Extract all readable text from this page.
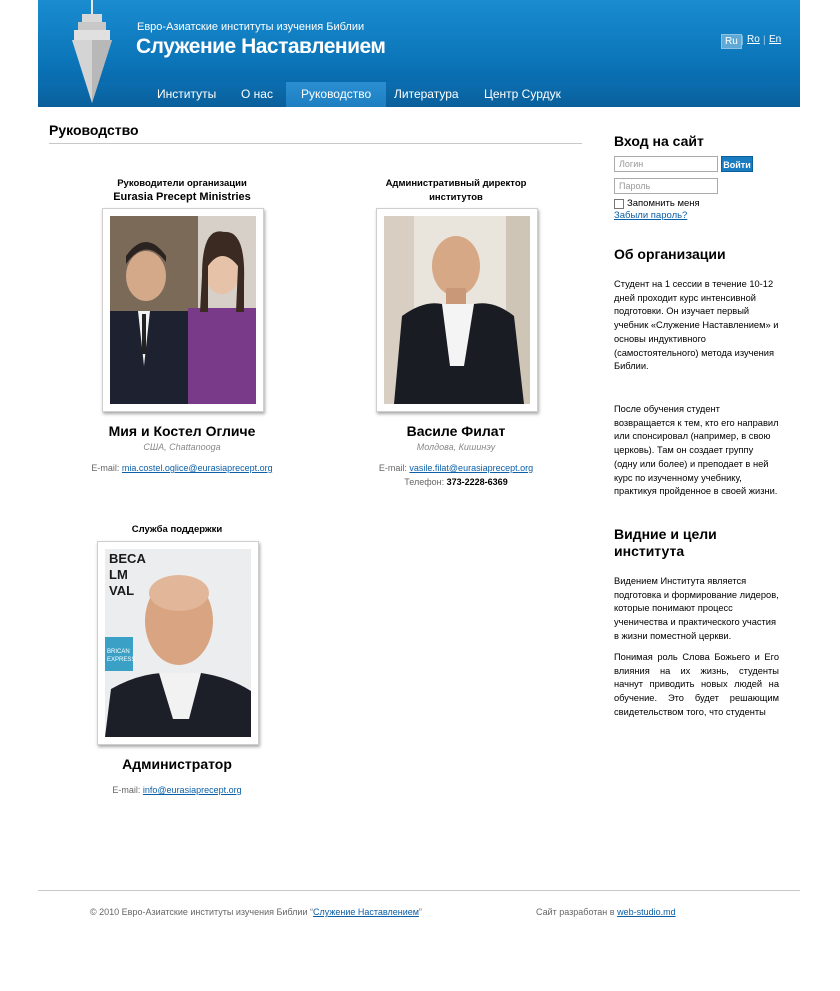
Евро-Азиатские институты изучения Библии
Служение Наставлением	Ru | Ro | En
Институты	О нас	Руководство	Литература	Центр Сурдук
Руководство
Руководители организации
Eurasia Precept Ministries
Мия и Костел Огличе
США, Chattanooga
E-mail: mia.costel.oglice@eurasiaprecept.org
Административный директор
институтов
Василе Филат
Молдова, Кишинэу
E-mail: vasile.filat@eurasiaprecept.org
Телефон: 373-2228-6369
Служба поддержки
BECA
LM
VAL
BRICAN
EXPRESS
Администратор
E-mail: info@eurasiaprecept.org
Вход на сайт
Логин	Войти
Пароль
Запомнить меня
Забыли пароль?
Об организации
Студент на 1 сессии в течение 10-12 дней проходит курс интенсивной подготовки. Он изучает первый учебник «Служение Наставлением» и основы индуктивного (самостоятельного) метода изучения Библии.
После обучения студент возвращается к тем, кто его направил или спонсировал (например, в свою церковь). Там он создает группу (одну или более) и преподает в ней курс по изученному учебнику, практикуя пройденное в своей жизни.
Видние и цели института
Видением Института является подготовка и формирование лидеров, которые понимают процесс ученичества и практического участия в жизни поместной церкви.
Понимая роль Слова Божьего и Его влияния на их жизнь, студенты начнут приводить новых людей на обучение. Это будет решающим свидетельством того, что студенты
© 2010 Евро-Азиатские институты изучения Библии “Служение Наставлением”	Сайт разработан в web-studio.md
